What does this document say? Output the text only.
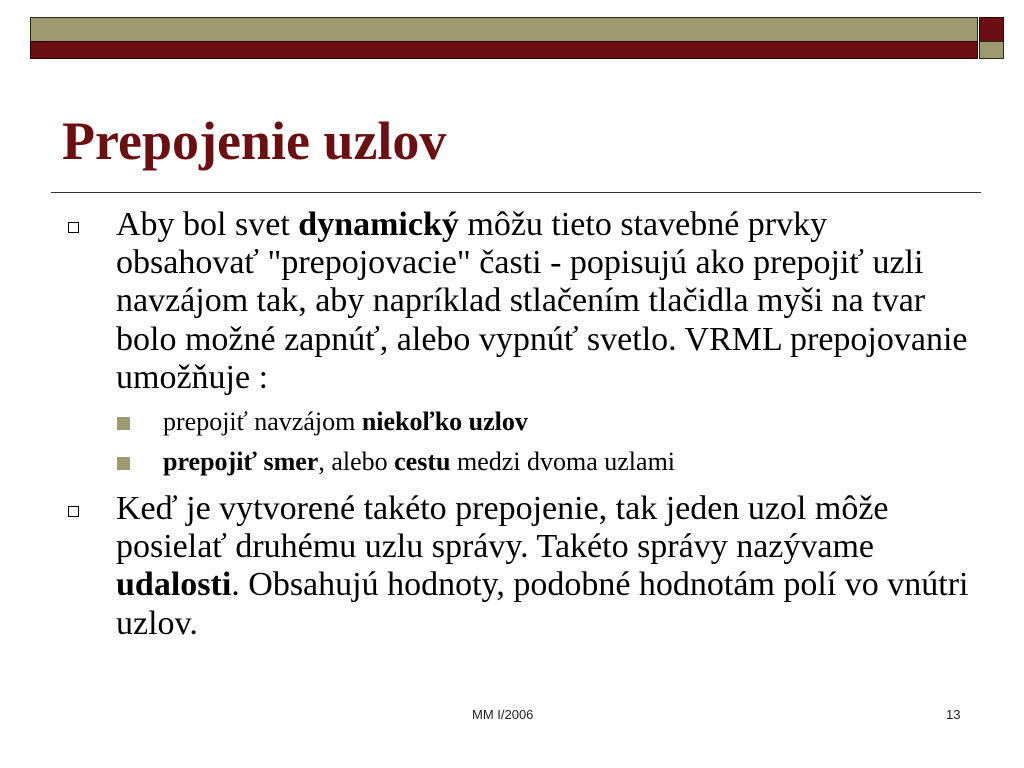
Prepojenie uzlov

Aby bol svet dynamický môžu tieto stavebné prvky obsahovať "prepojovacie" časti - popisujú ako prepojiť uzli navzájom tak, aby napríklad stlačením tlačidla myši na tvar bolo možné zapnúť, alebo vypnúť svetlo. VRML prepojovanie umožňuje :

prepojiť navzájom niekoľko uzlov
prepojiť smer, alebo cestu medzi dvoma uzlami

Keď je vytvorené takéto prepojenie, tak jeden uzol môže posielať druhému uzlu správy. Takéto správy nazývame udalosti. Obsahujú hodnoty, podobné hodnotám polí vo vnútri uzlov.

MM I/2006	13
